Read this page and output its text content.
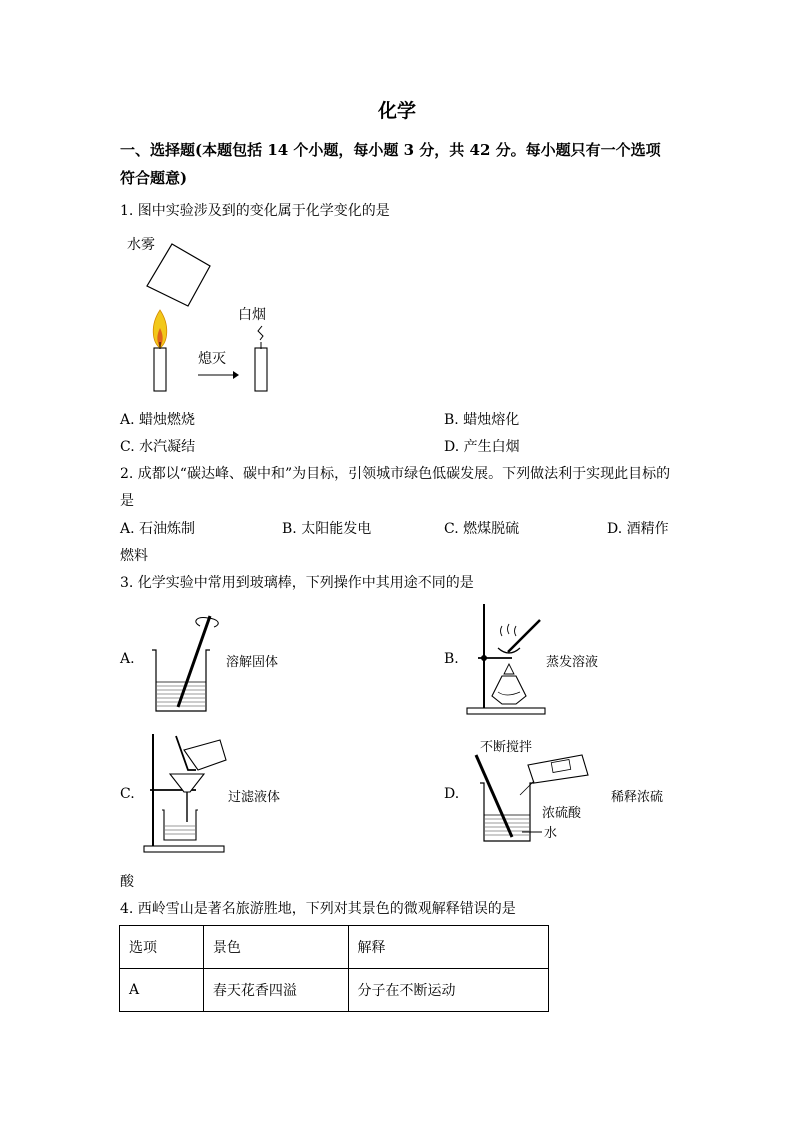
化学
一、选择题(本题包括 14 个小题，每小题 3 分，共 42 分。每小题只有一个选项
符合题意)
1. 图中实验涉及到的变化属于化学变化的是
水雾
熄灭
白烟
A. 蜡烛燃烧	B. 蜡烛熔化
C. 水汽凝结	D. 产生白烟
2. 成都以“碳达峰、碳中和”为目标，引领城市绿色低碳发展。下列做法利于实现此目标的
是
A. 石油炼制	B. 太阳能发电	C. 燃煤脱硫	D. 酒精作
燃料
3. 化学实验中常用到玻璃棒，下列操作中其用途不同的是
A.	溶解固体	B.	蒸发溶液
C.	过滤液体	D.
不断搅拌
浓硫酸
水
稀释浓硫
酸
4. 西岭雪山是著名旅游胜地，下列对其景色的微观解释错误的是
选项	景色	解释
A	春天花香四溢	分子在不断运动
